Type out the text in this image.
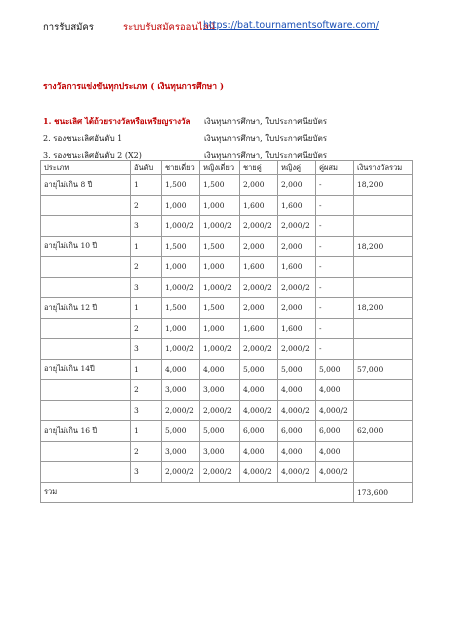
การรับสมัคร	ระบบรับสมัครออนไลน์
https://bat.tournamentsoftware.com/
รางวัลการแข่งขันทุกประเภท ( เงินทุนการศึกษา )
1. ชนะเลิศ ได้ถ้วยรางวัลหรือเหรียญรางวัล เงินทุนการศึกษา, ใบประกาศนียบัตร
2. รองชนะเลิศอันดับ 1	เงินทุนการศึกษา, ใบประกาศนียบัตร
3. รองชนะเลิศอันดับ 2 (X2)	เงินทุนการศึกษา, ใบประกาศนียบัตร
ประเภท	อันดับ	ชายเดี่ยว	หญิงเดี่ยว	ชายคู่	หญิงคู่	คู่ผสม	เงินรางวัลรวม
อายุไม่เกิน 8 ปี	1	1,500	1,500	2,000	2,000	-	18,200
	2	1,000	1,000	1,600	1,600	-	
	3	1,000/2	1,000/2	2,000/2	2,000/2	-	
อายุไม่เกิน 10 ปี	1	1,500	1,500	2,000	2,000	-	18,200
	2	1,000	1,000	1,600	1,600	-	
	3	1,000/2	1,000/2	2,000/2	2,000/2	-	
อายุไม่เกิน 12 ปี	1	1,500	1,500	2,000	2,000	-	18,200
	2	1,000	1,000	1,600	1,600	-	
	3	1,000/2	1,000/2	2,000/2	2,000/2	-	
อายุไม่เกิน 14ปี	1	4,000	4,000	5,000	5,000	5,000	57,000
	2	3,000	3,000	4,000	4,000	4,000	
	3	2,000/2	2,000/2	4,000/2	4,000/2	4,000/2	
อายุไม่เกิน 16 ปี	1	5,000	5,000	6,000	6,000	6,000	62,000
	2	3,000	3,000	4,000	4,000	4,000	
	3	2,000/2	2,000/2	4,000/2	4,000/2	4,000/2	
รวม							173,600
